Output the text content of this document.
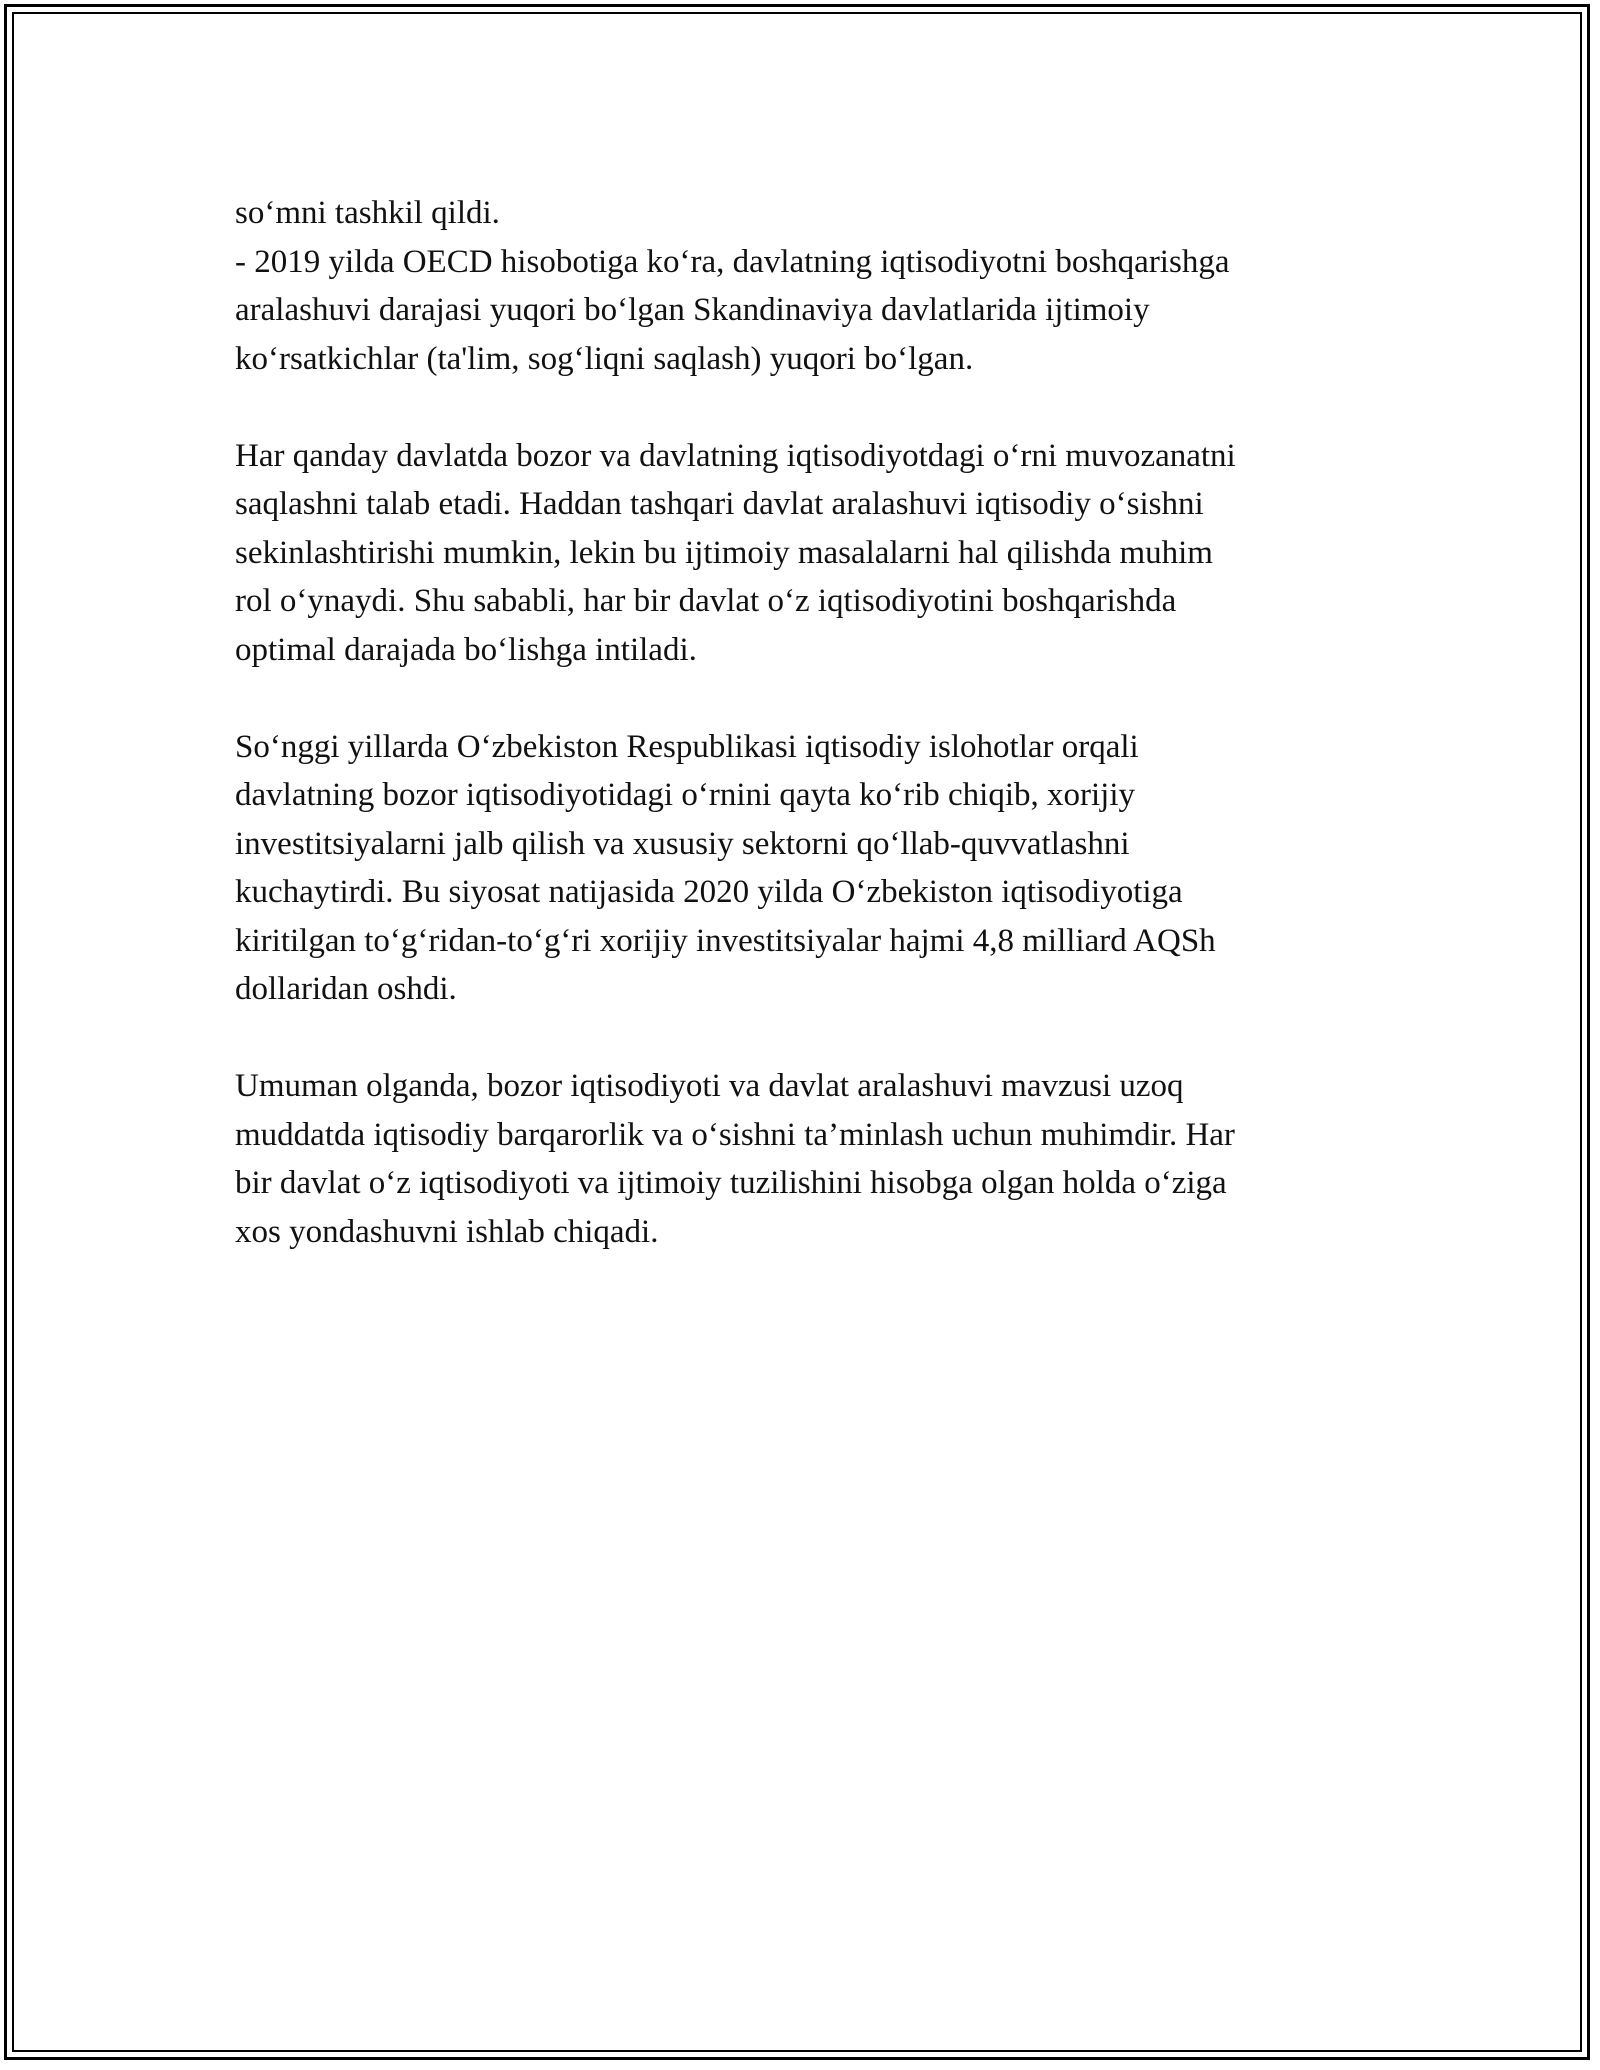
so‘mni tashkil qildi.
- 2019 yilda OECD hisobotiga ko‘ra, davlatning iqtisodiyotni boshqarishga
aralashuvi darajasi yuqori bo‘lgan Skandinaviya davlatlarida ijtimoiy
ko‘rsatkichlar (ta'lim, sog‘liqni saqlash) yuqori bo‘lgan.

Har qanday davlatda bozor va davlatning iqtisodiyotdagi o‘rni muvozanatni
saqlashni talab etadi. Haddan tashqari davlat aralashuvi iqtisodiy o‘sishni
sekinlashtirishi mumkin, lekin bu ijtimoiy masalalarni hal qilishda muhim
rol o‘ynaydi. Shu sababli, har bir davlat o‘z iqtisodiyotini boshqarishda
optimal darajada bo‘lishga intiladi.

So‘nggi yillarda O‘zbekiston Respublikasi iqtisodiy islohotlar orqali
davlatning bozor iqtisodiyotidagi o‘rnini qayta ko‘rib chiqib, xorijiy
investitsiyalarni jalb qilish va xususiy sektorni qo‘llab-quvvatlashni
kuchaytirdi. Bu siyosat natijasida 2020 yilda O‘zbekiston iqtisodiyotiga
kiritilgan to‘g‘ridan-to‘g‘ri xorijiy investitsiyalar hajmi 4,8 milliard AQSh
dollaridan oshdi.

Umuman olganda, bozor iqtisodiyoti va davlat aralashuvi mavzusi uzoq
muddatda iqtisodiy barqarorlik va o‘sishni ta’minlash uchun muhimdir. Har
bir davlat o‘z iqtisodiyoti va ijtimoiy tuzilishini hisobga olgan holda o‘ziga
xos yondashuvni ishlab chiqadi.
